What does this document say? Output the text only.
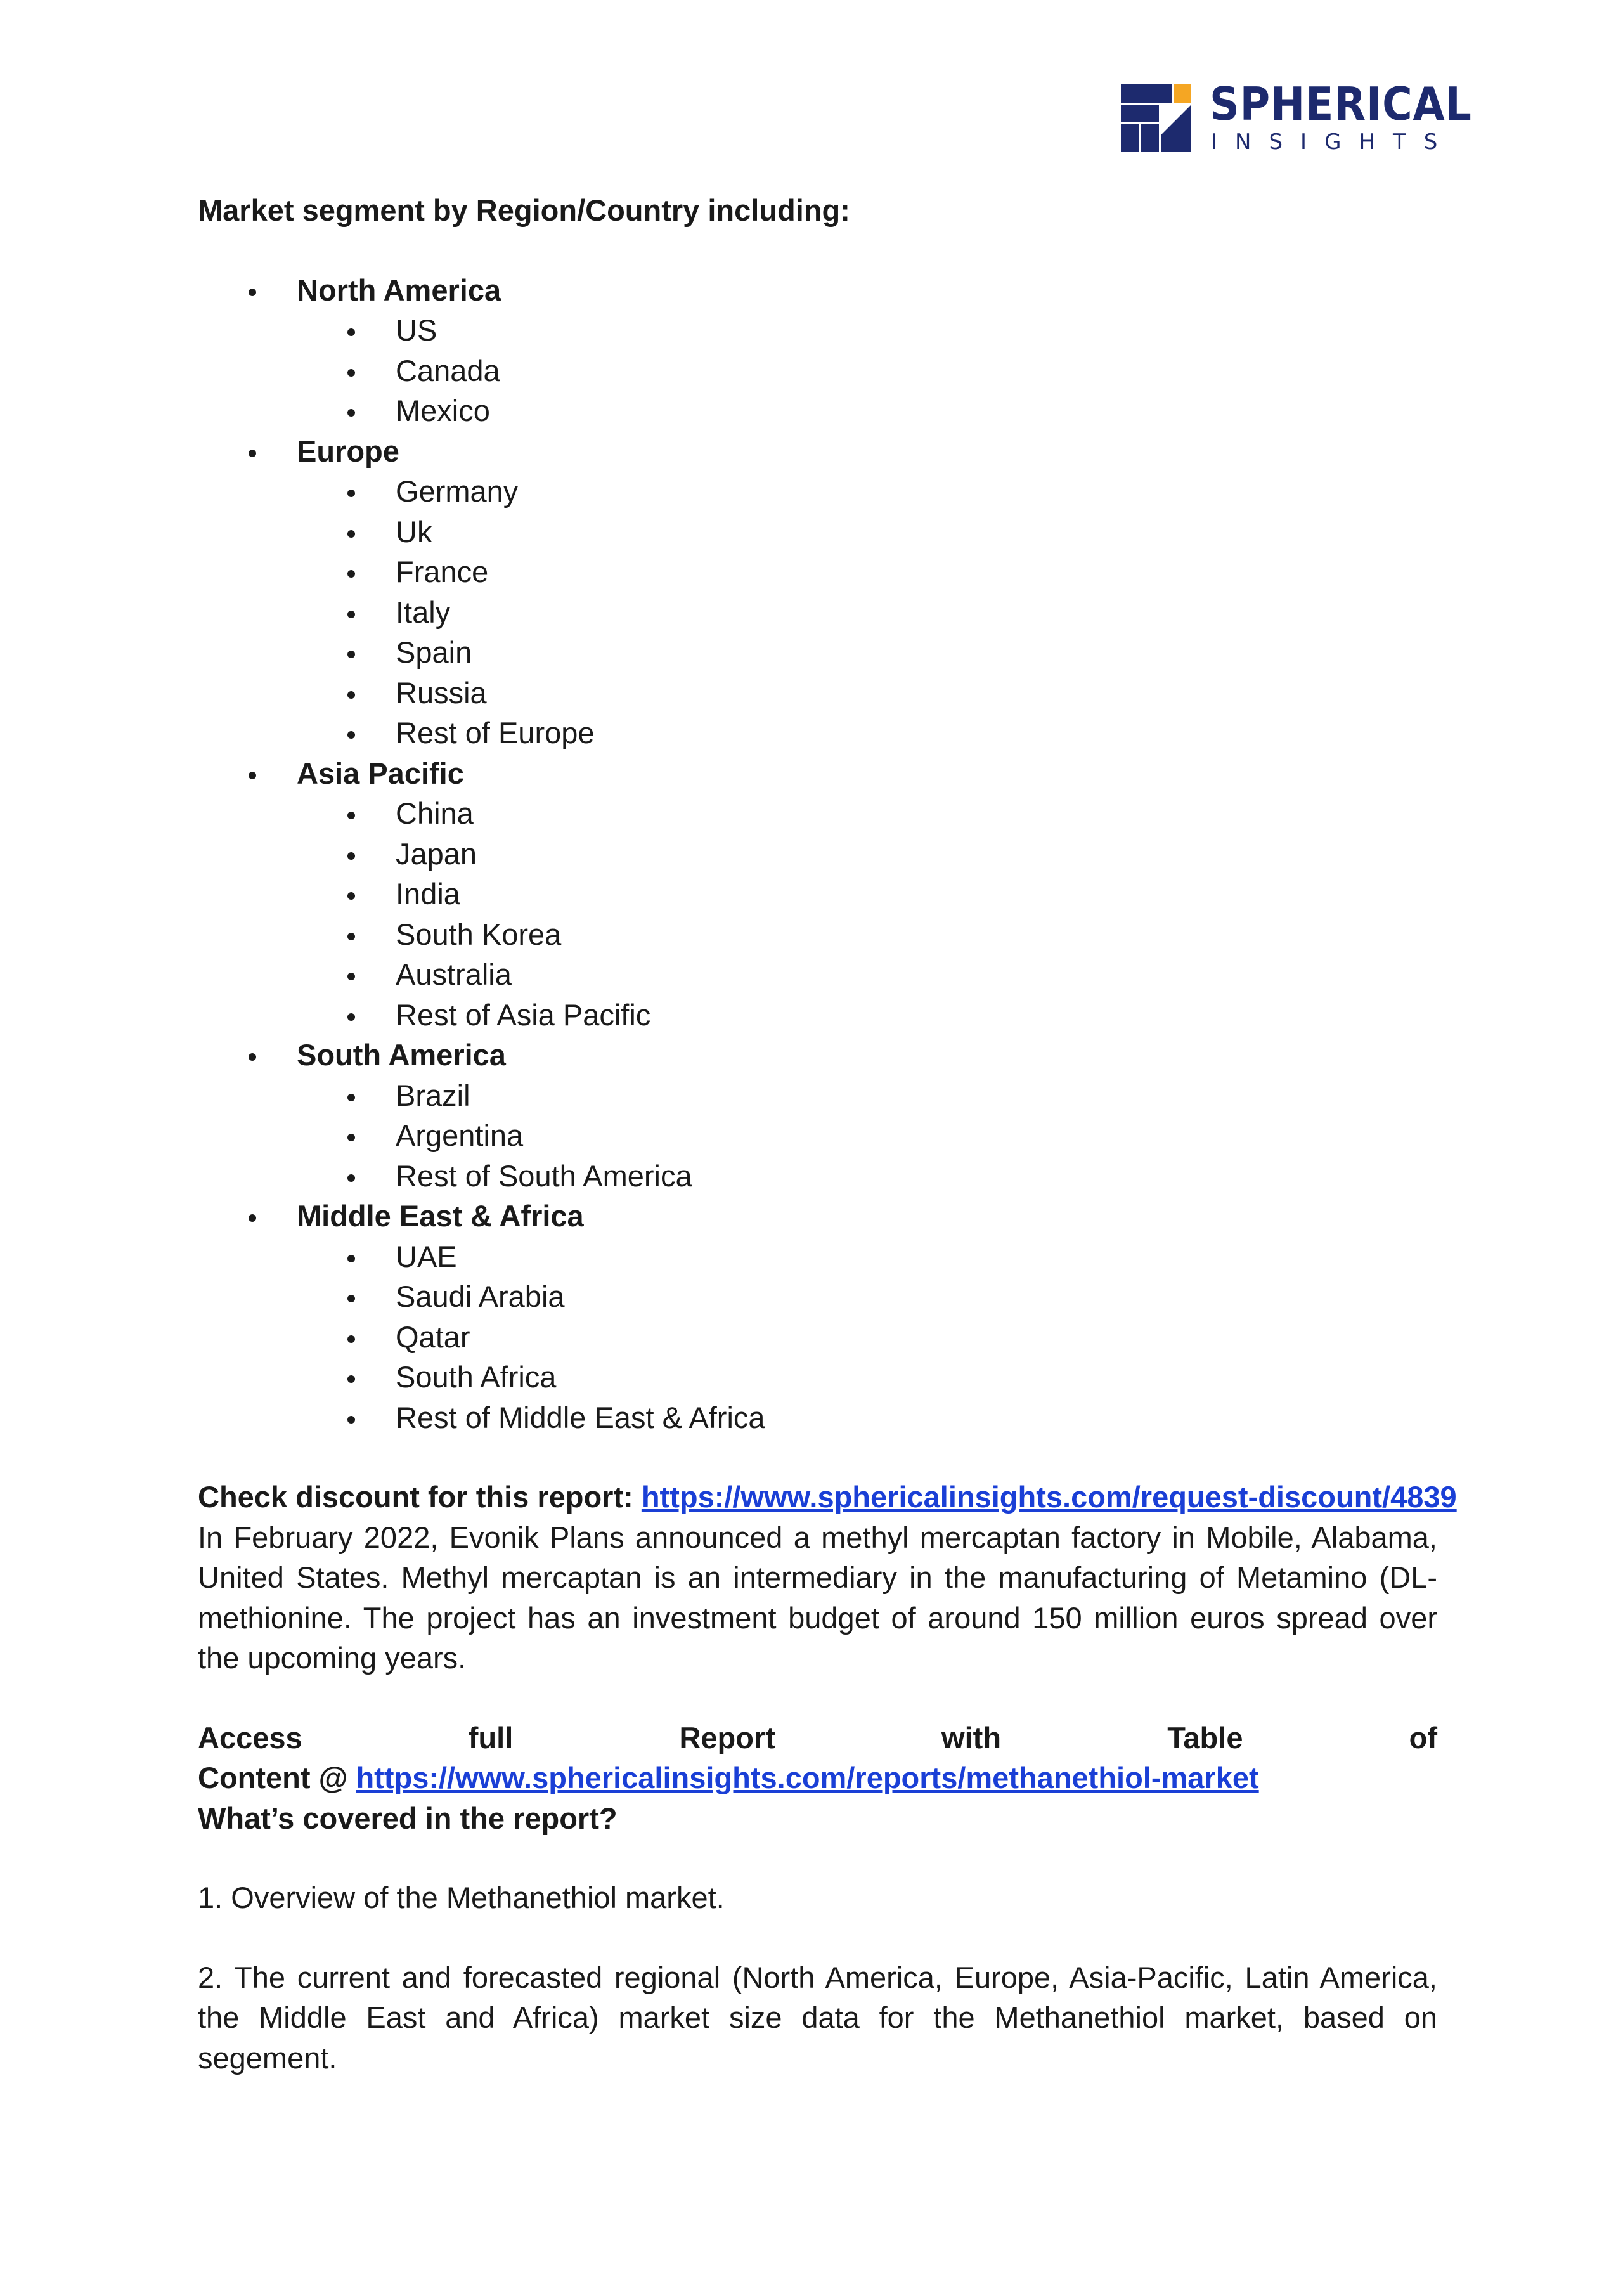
SPHERICAL
INSIGHTS

Market segment by Region/Country including:

North America
US
Canada
Mexico
Europe
Germany
Uk
France
Italy
Spain
Russia
Rest of Europe
Asia Pacific
China
Japan
India
South Korea
Australia
Rest of Asia Pacific
South America
Brazil
Argentina
Rest of South America
Middle East & Africa
UAE
Saudi Arabia
Qatar
South Africa
Rest of Middle East & Africa

Check discount for this report: https://www.sphericalinsights.com/request-discount/4839

In February 2022, Evonik Plans announced a methyl mercaptan factory in Mobile, Alabama, United States. Methyl mercaptan is an intermediary in the manufacturing of Metamino (DL-methionine. The project has an investment budget of around 150 million euros spread over the upcoming years.

Access	full	Report	with	Table	of

Content @ https://www.sphericalinsights.com/reports/methanethiol-market

What’s covered in the report?

1. Overview of the Methanethiol market.

2. The current and forecasted regional (North America, Europe, Asia-Pacific, Latin America, the Middle East and Africa) market size data for the Methanethiol market, based on segement.
